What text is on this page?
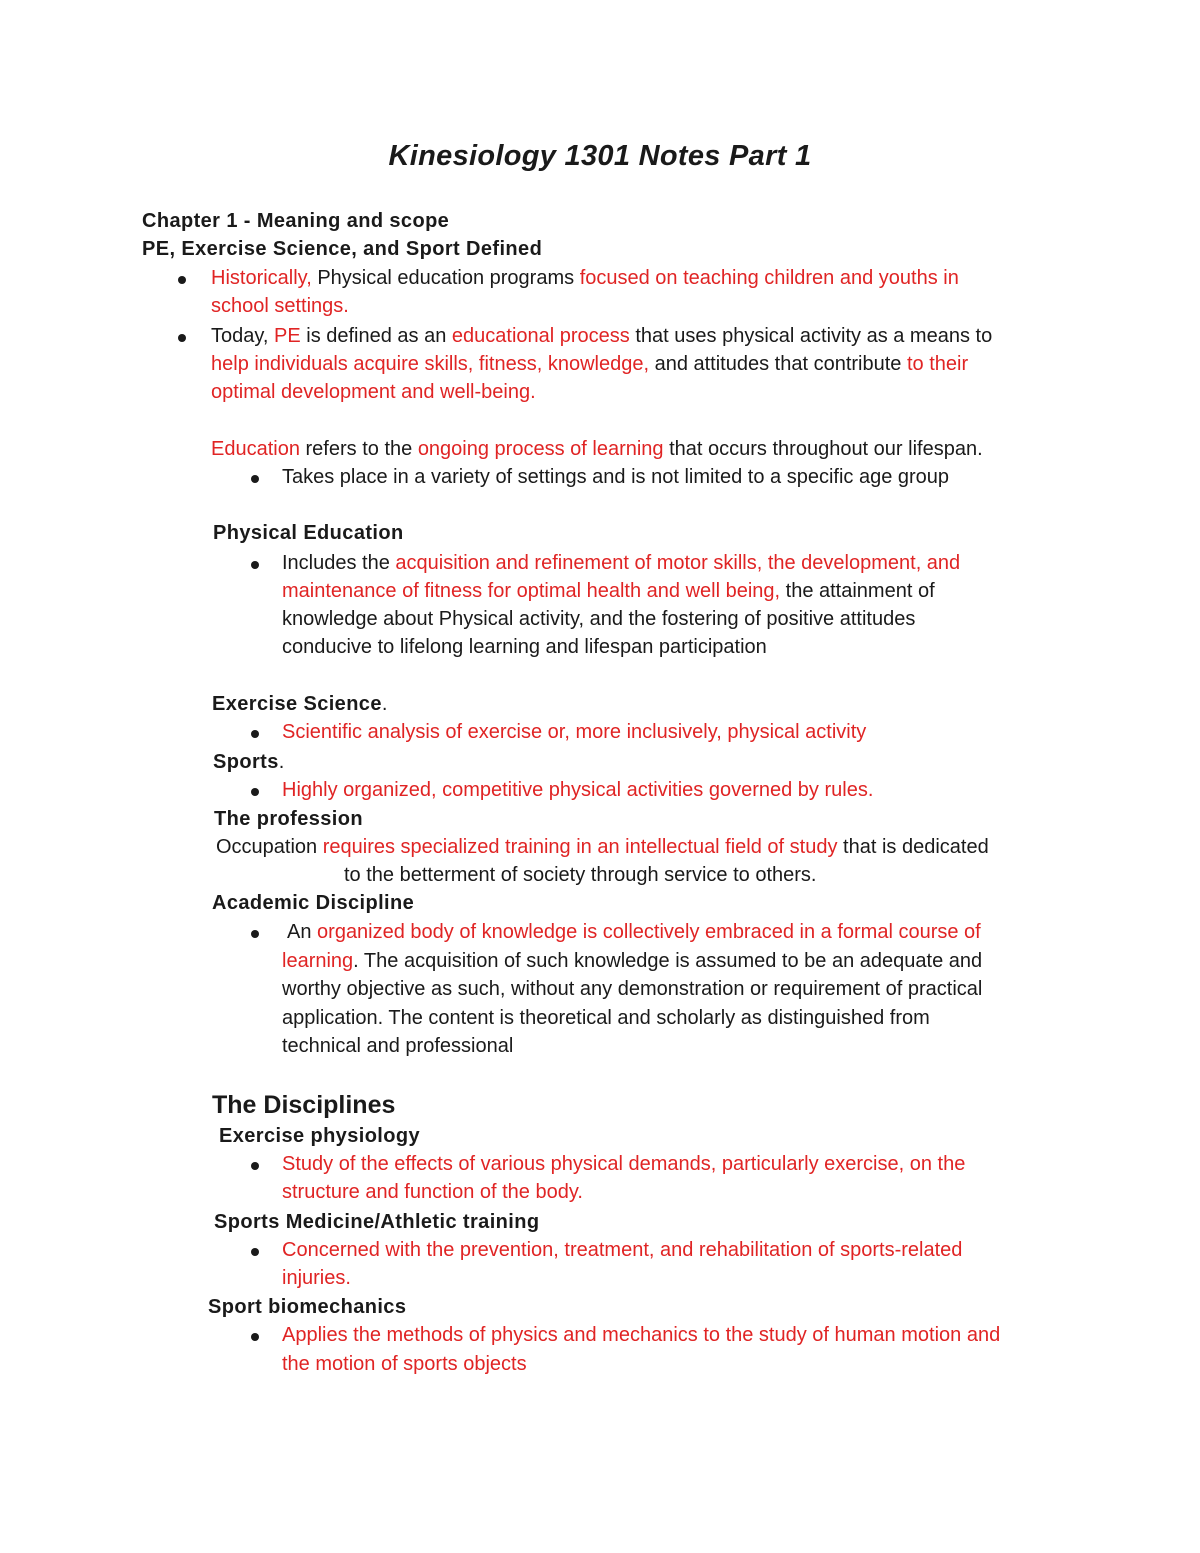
Kinesiology 1301 Notes Part 1
Chapter 1 - Meaning and scope
PE, Exercise Science, and Sport Defined
Historically, Physical education programs focused on teaching children and youths in
school settings.
Today, PE is defined as an educational process that uses physical activity as a means to
help individuals acquire skills, fitness, knowledge, and attitudes that contribute to their
optimal development and well-being.
Education refers to the ongoing process of learning that occurs throughout our lifespan.
Takes place in a variety of settings and is not limited to a specific age group
Physical Education
Includes the acquisition and refinement of motor skills, the development, and
maintenance of fitness for optimal health and well being, the attainment of
knowledge about Physical activity, and the fostering of positive attitudes
conducive to lifelong learning and lifespan participation
Exercise Science.
Scientific analysis of exercise or, more inclusively, physical activity
Sports.
Highly organized, competitive physical activities governed by rules.
The profession
Occupation requires specialized training in an intellectual field of study that is dedicated
to the betterment of society through service to others.
Academic Discipline
An organized body of knowledge is collectively embraced in a formal course of
learning. The acquisition of such knowledge is assumed to be an adequate and
worthy objective as such, without any demonstration or requirement of practical
application. The content is theoretical and scholarly as distinguished from
technical and professional
The Disciplines
Exercise physiology
Study of the effects of various physical demands, particularly exercise, on the
structure and function of the body.
Sports Medicine/Athletic training
Concerned with the prevention, treatment, and rehabilitation of sports-related
injuries.
Sport biomechanics
Applies the methods of physics and mechanics to the study of human motion and
the motion of sports objects
